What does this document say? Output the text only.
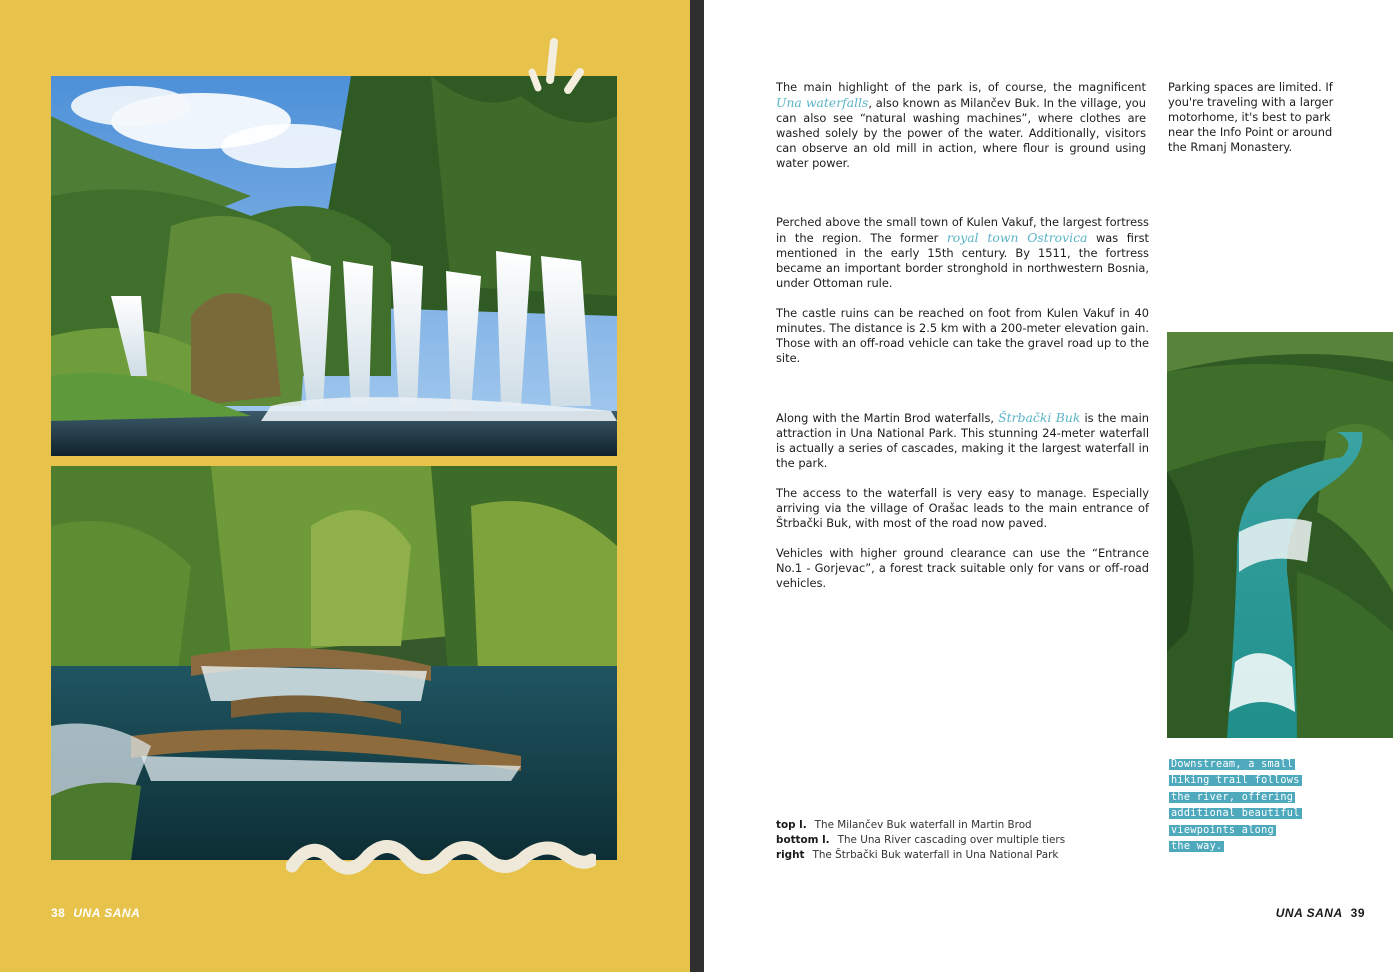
38 UNA SANA

The main highlight of the park is, of course, the magnificent Una waterfalls, also known as Milančev Buk. In the village, you can also see “natural washing machines”, where clothes are washed solely by the power of the water. Additionally, visitors can observe an old mill in action, where flour is ground using water power.

Parking spaces are limited. If you're traveling with a larger motorhome, it's best to park near the Info Point or around the Rmanj Monastery.

Perched above the small town of Kulen Vakuf, the largest fortress in the region. The former royal town Ostrovica was first mentioned in the early 15th century. By 1511, the fortress became an important border stronghold in northwestern Bosnia, under Ottoman rule.

The castle ruins can be reached on foot from Kulen Vakuf in 40 minutes. The distance is 2.5 km with a 200-meter elevation gain. Those with an off-road vehicle can take the gravel road up to the site.

Along with the Martin Brod waterfalls, Štrbački Buk is the main attraction in Una National Park. This stunning 24-meter waterfall is actually a series of cascades, making it the largest waterfall in the park.

The access to the waterfall is very easy to manage. Especially arriving via the village of Orašac leads to the main entrance of Štrbački Buk, with most of the road now paved.

Vehicles with higher ground clearance can use the “Entrance No.1 - Gorjevac”, a forest track suitable only for vans or off-road vehicles.

Downstream, a small
hiking trail follows
the river, offering
additional beautiful
viewpoints along
the way.
top l. The Milančev Buk waterfall in Martin Brod
bottom l. The Una River cascading over multiple tiers
right The Štrbački Buk waterfall in Una National Park
UNA SANA 39
